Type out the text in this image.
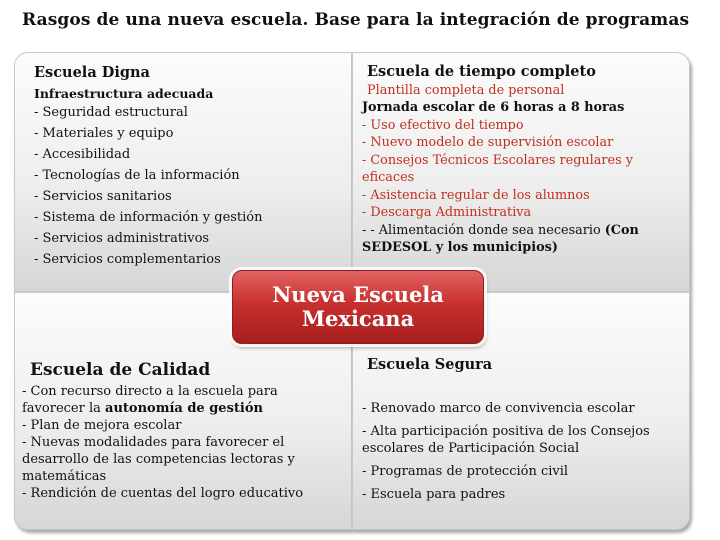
Rasgos de una nueva escuela. Base para la integración de programas
Escuela Digna
Infraestructura adecuada
- Seguridad estructural
- Materiales y equipo
- Accesibilidad
- Tecnologías de la información
- Servicios sanitarios
- Sistema de información y gestión
- Servicios administrativos
- Servicios complementarios
Escuela de tiempo completo
Plantilla completa de personal
Jornada escolar de 6 horas a 8 horas
- Uso efectivo del tiempo
- Nuevo modelo de supervisión escolar
- Consejos Técnicos Escolares regulares y
eficaces
- Asistencia regular de los alumnos
- Descarga Administrativa
- - Alimentación donde sea necesario (Con
SEDESOL y los municipios)
Escuela de Calidad
- Con recurso directo a la escuela para
favorecer la autonomía de gestión
- Plan de mejora escolar
- Nuevas modalidades para favorecer el
desarrollo de las competencias lectoras y
matemáticas
- Rendición de cuentas del logro educativo
Escuela Segura
- Renovado marco de convivencia escolar
- Alta participación positiva de los Consejos
escolares de Participación Social
- Programas de protección civil
- Escuela para padres
Nueva Escuela
Mexicana
